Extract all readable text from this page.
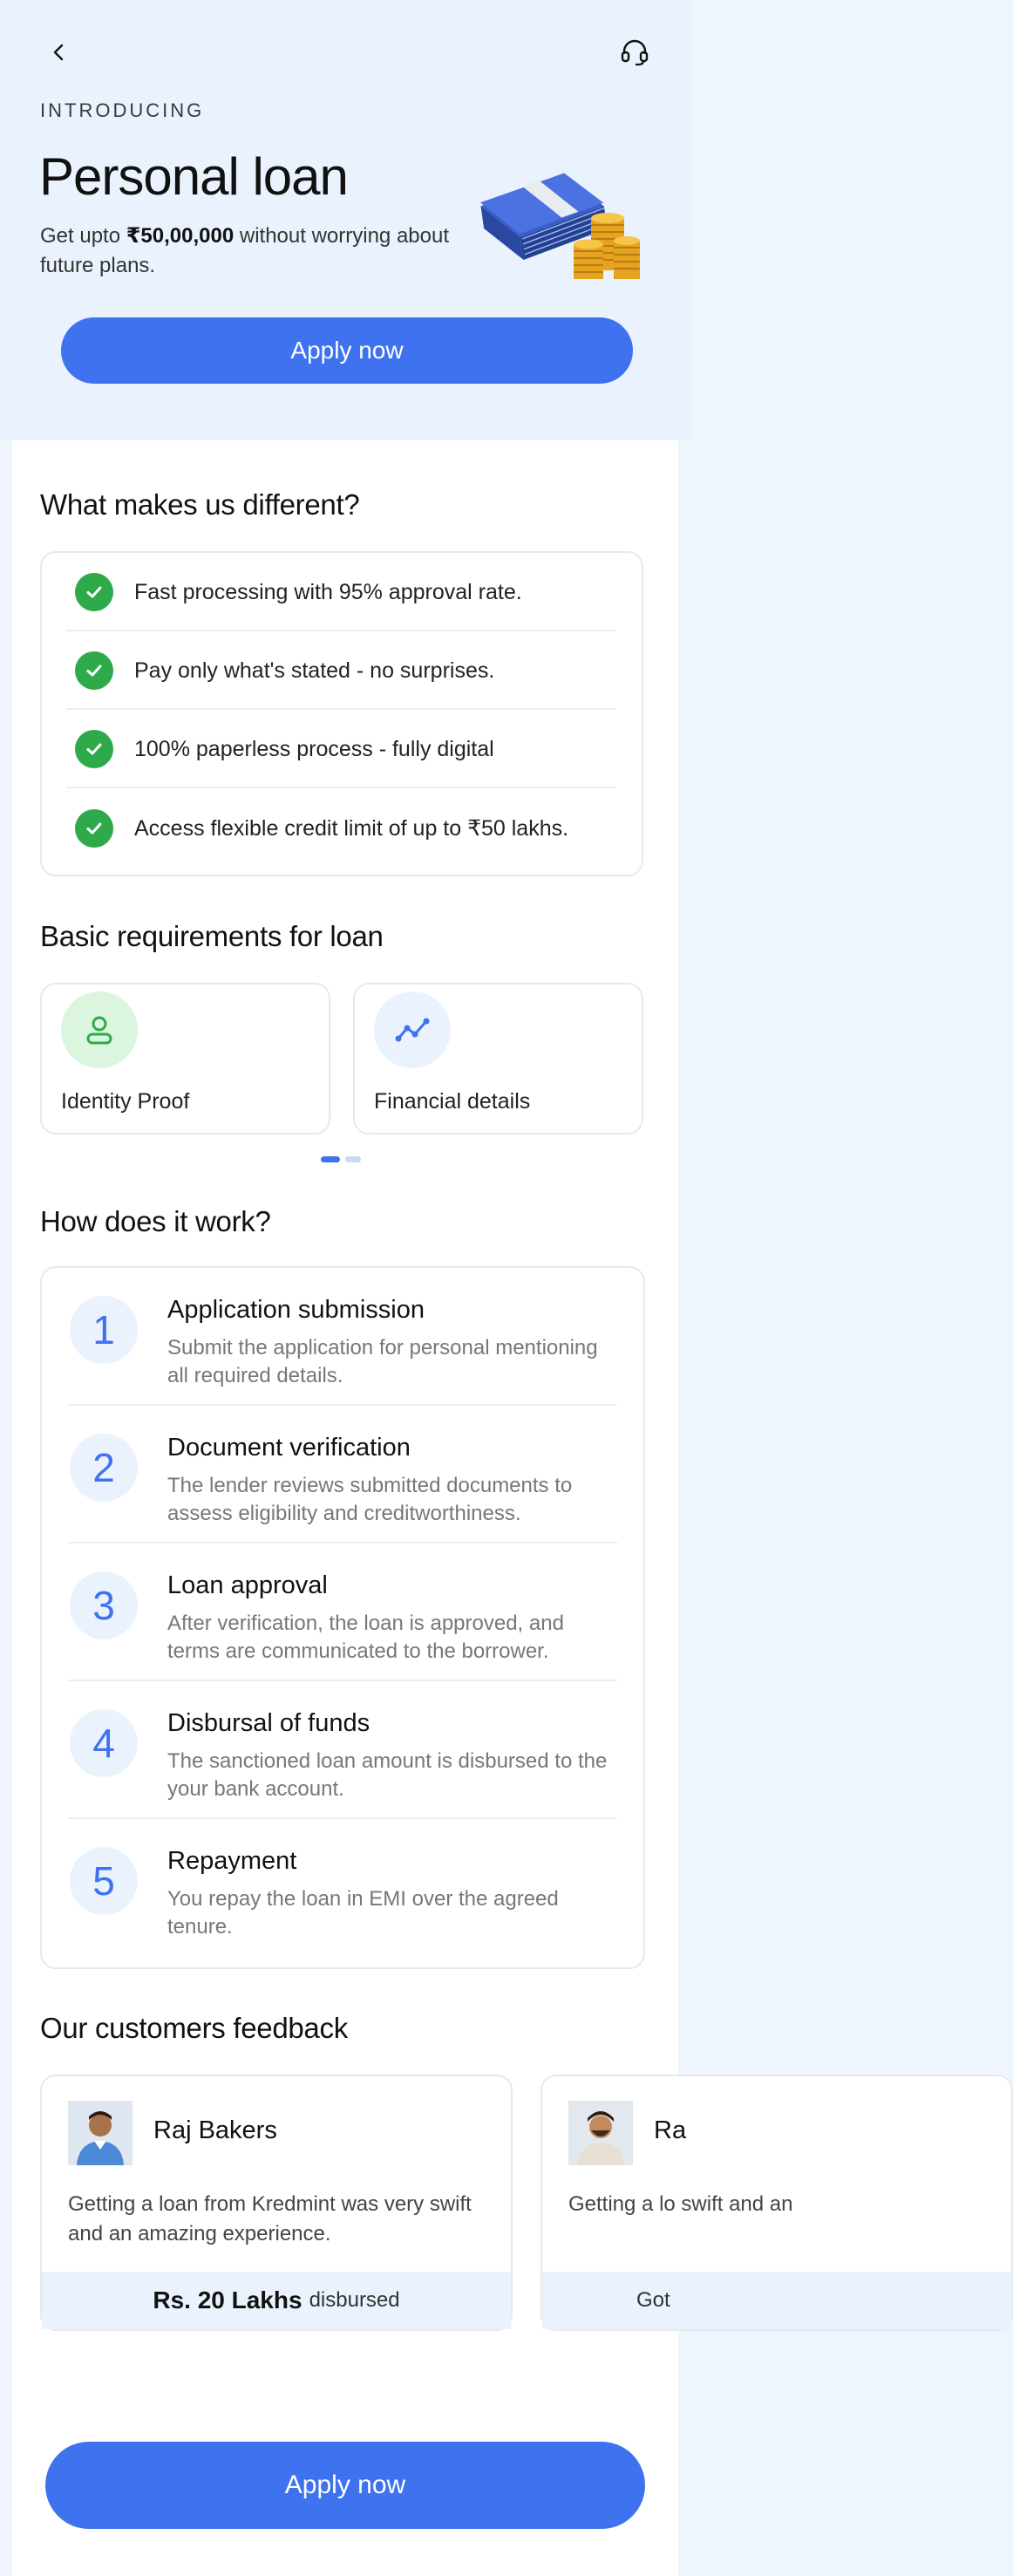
INTRODUCING
Personal loan
Get upto ₹50,00,000 without worrying about future plans.
Apply now
What makes us different?
Fast processing with 95% approval rate.
Pay only what's stated - no surprises.
100% paperless process - fully digital
Access flexible credit limit of up to ₹50 lakhs.
Basic requirements for loan
Identity Proof	Financial details
How does it work?
1	Application submission
Submit the application for personal mentioning all required details.
2	Document verification
The lender reviews submitted documents to assess eligibility and creditworthiness.
3	Loan approval
After verification, the loan is approved, and terms are communicated to the borrower.
4	Disbursal of funds
The sanctioned loan amount is disbursed to the your bank account.
5	Repayment
You repay the loan in EMI over the agreed tenure.
Our customers feedback
Raj Bakers
Getting a loan from Kredmint was very swift and an amazing experience.
Rs. 20 Lakhs disbursed
Ra
Getting a lo swift and an
Got
Apply now
